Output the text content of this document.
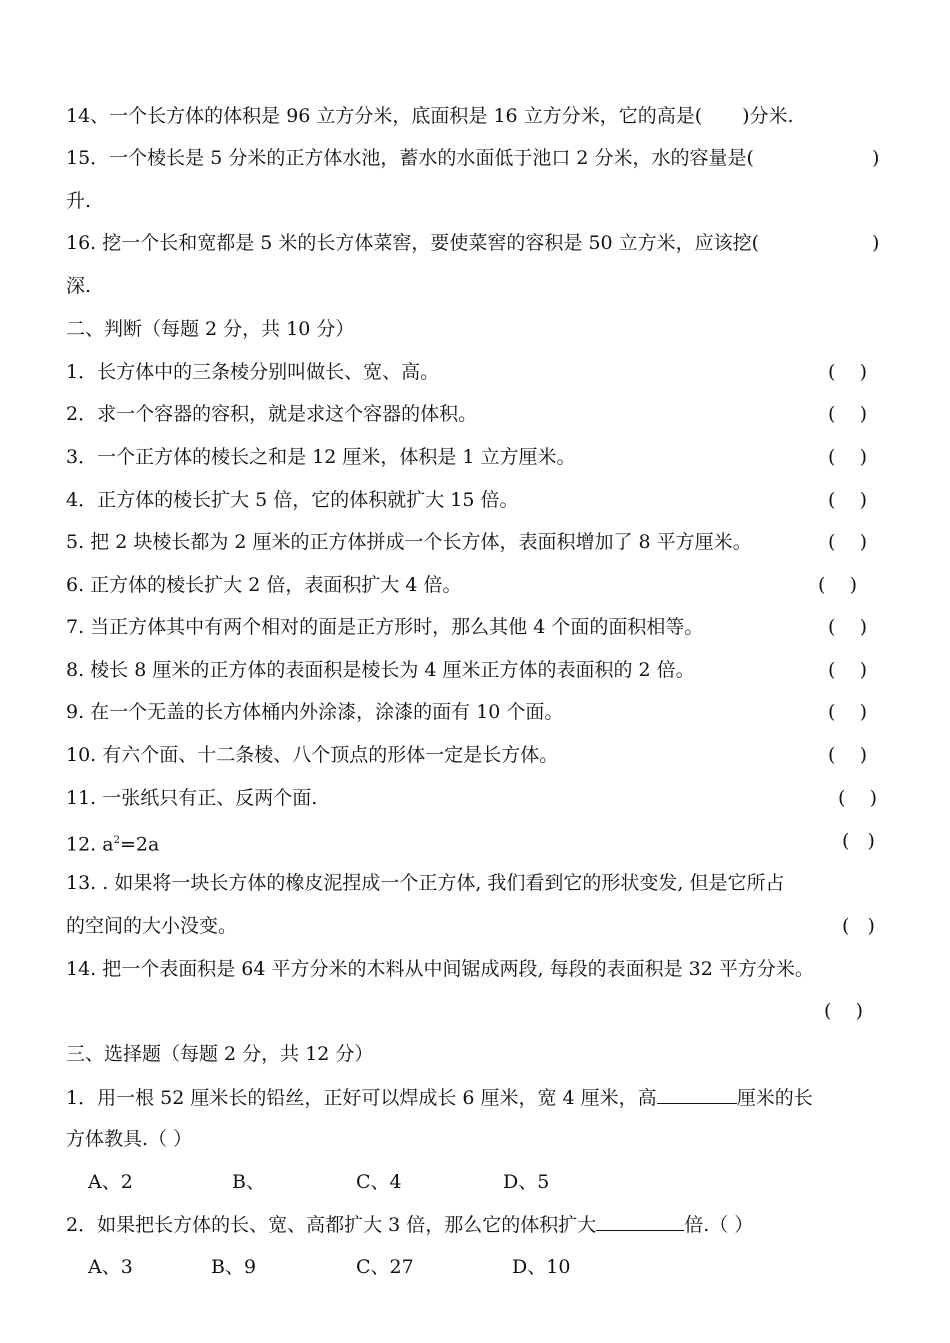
14、一个长方体的体积是 96 立方分米，底面积是 16 立方分米，它的高是( )分米.
15．一个棱长是 5 分米的正方体水池，蓄水的水面低于池口 2 分米，水的容量是(	)
升.
16. 挖一个长和宽都是 5 米的长方体菜窖，要使菜窖的容积是 50 立方米，应该挖(	)
深.
二、判断（每题 2 分，共 10 分）
1．长方体中的三条棱分别叫做长、宽、高。	(    )
2．求一个容器的容积，就是求这个容器的体积。	(    )
3．一个正方体的棱长之和是 12 厘米，体积是 1 立方厘米。	(    )
4．正方体的棱长扩大 5 倍，它的体积就扩大 15 倍。	(    )
5. 把 2 块棱长都为 2 厘米的正方体拼成一个长方体，表面积增加了 8 平方厘米。	(    )
6. 正方体的棱长扩大 2 倍，表面积扩大 4 倍。	(    )
7. 当正方体其中有两个相对的面是正方形时，那么其他 4 个面的面积相等。	(    )
8. 棱长 8 厘米的正方体的表面积是棱长为 4 厘米正方体的表面积的 2 倍。	(    )
9. 在一个无盖的长方体桶内外涂漆，涂漆的面有 10 个面。	(    )
10. 有六个面、十二条棱、八个顶点的形体一定是长方体。	(    )
11. 一张纸只有正、反两个面.	(    )
12. $a^2=2a$	(   )
13. . 如果将一块长方体的橡皮泥捏成一个正方体, 我们看到它的形状变发, 但是它所占
的空间的大小没变。	(   )
14. 把一个表面积是 64 平方分米的木料从中间锯成两段, 每段的表面积是 32 平方分米。
(    )
三、选择题（每题 2 分，共 12 分）
1．用一根 52 厘米长的铅丝，正好可以焊成长 6 厘米，宽 4 厘米，高	厘米的长
方体教具.（ ）
A、2	B、	C、4	D、5
2．如果把长方体的长、宽、高都扩大 3 倍，那么它的体积扩大	倍.（ ）
A、3	B、9	C、27	D、10
